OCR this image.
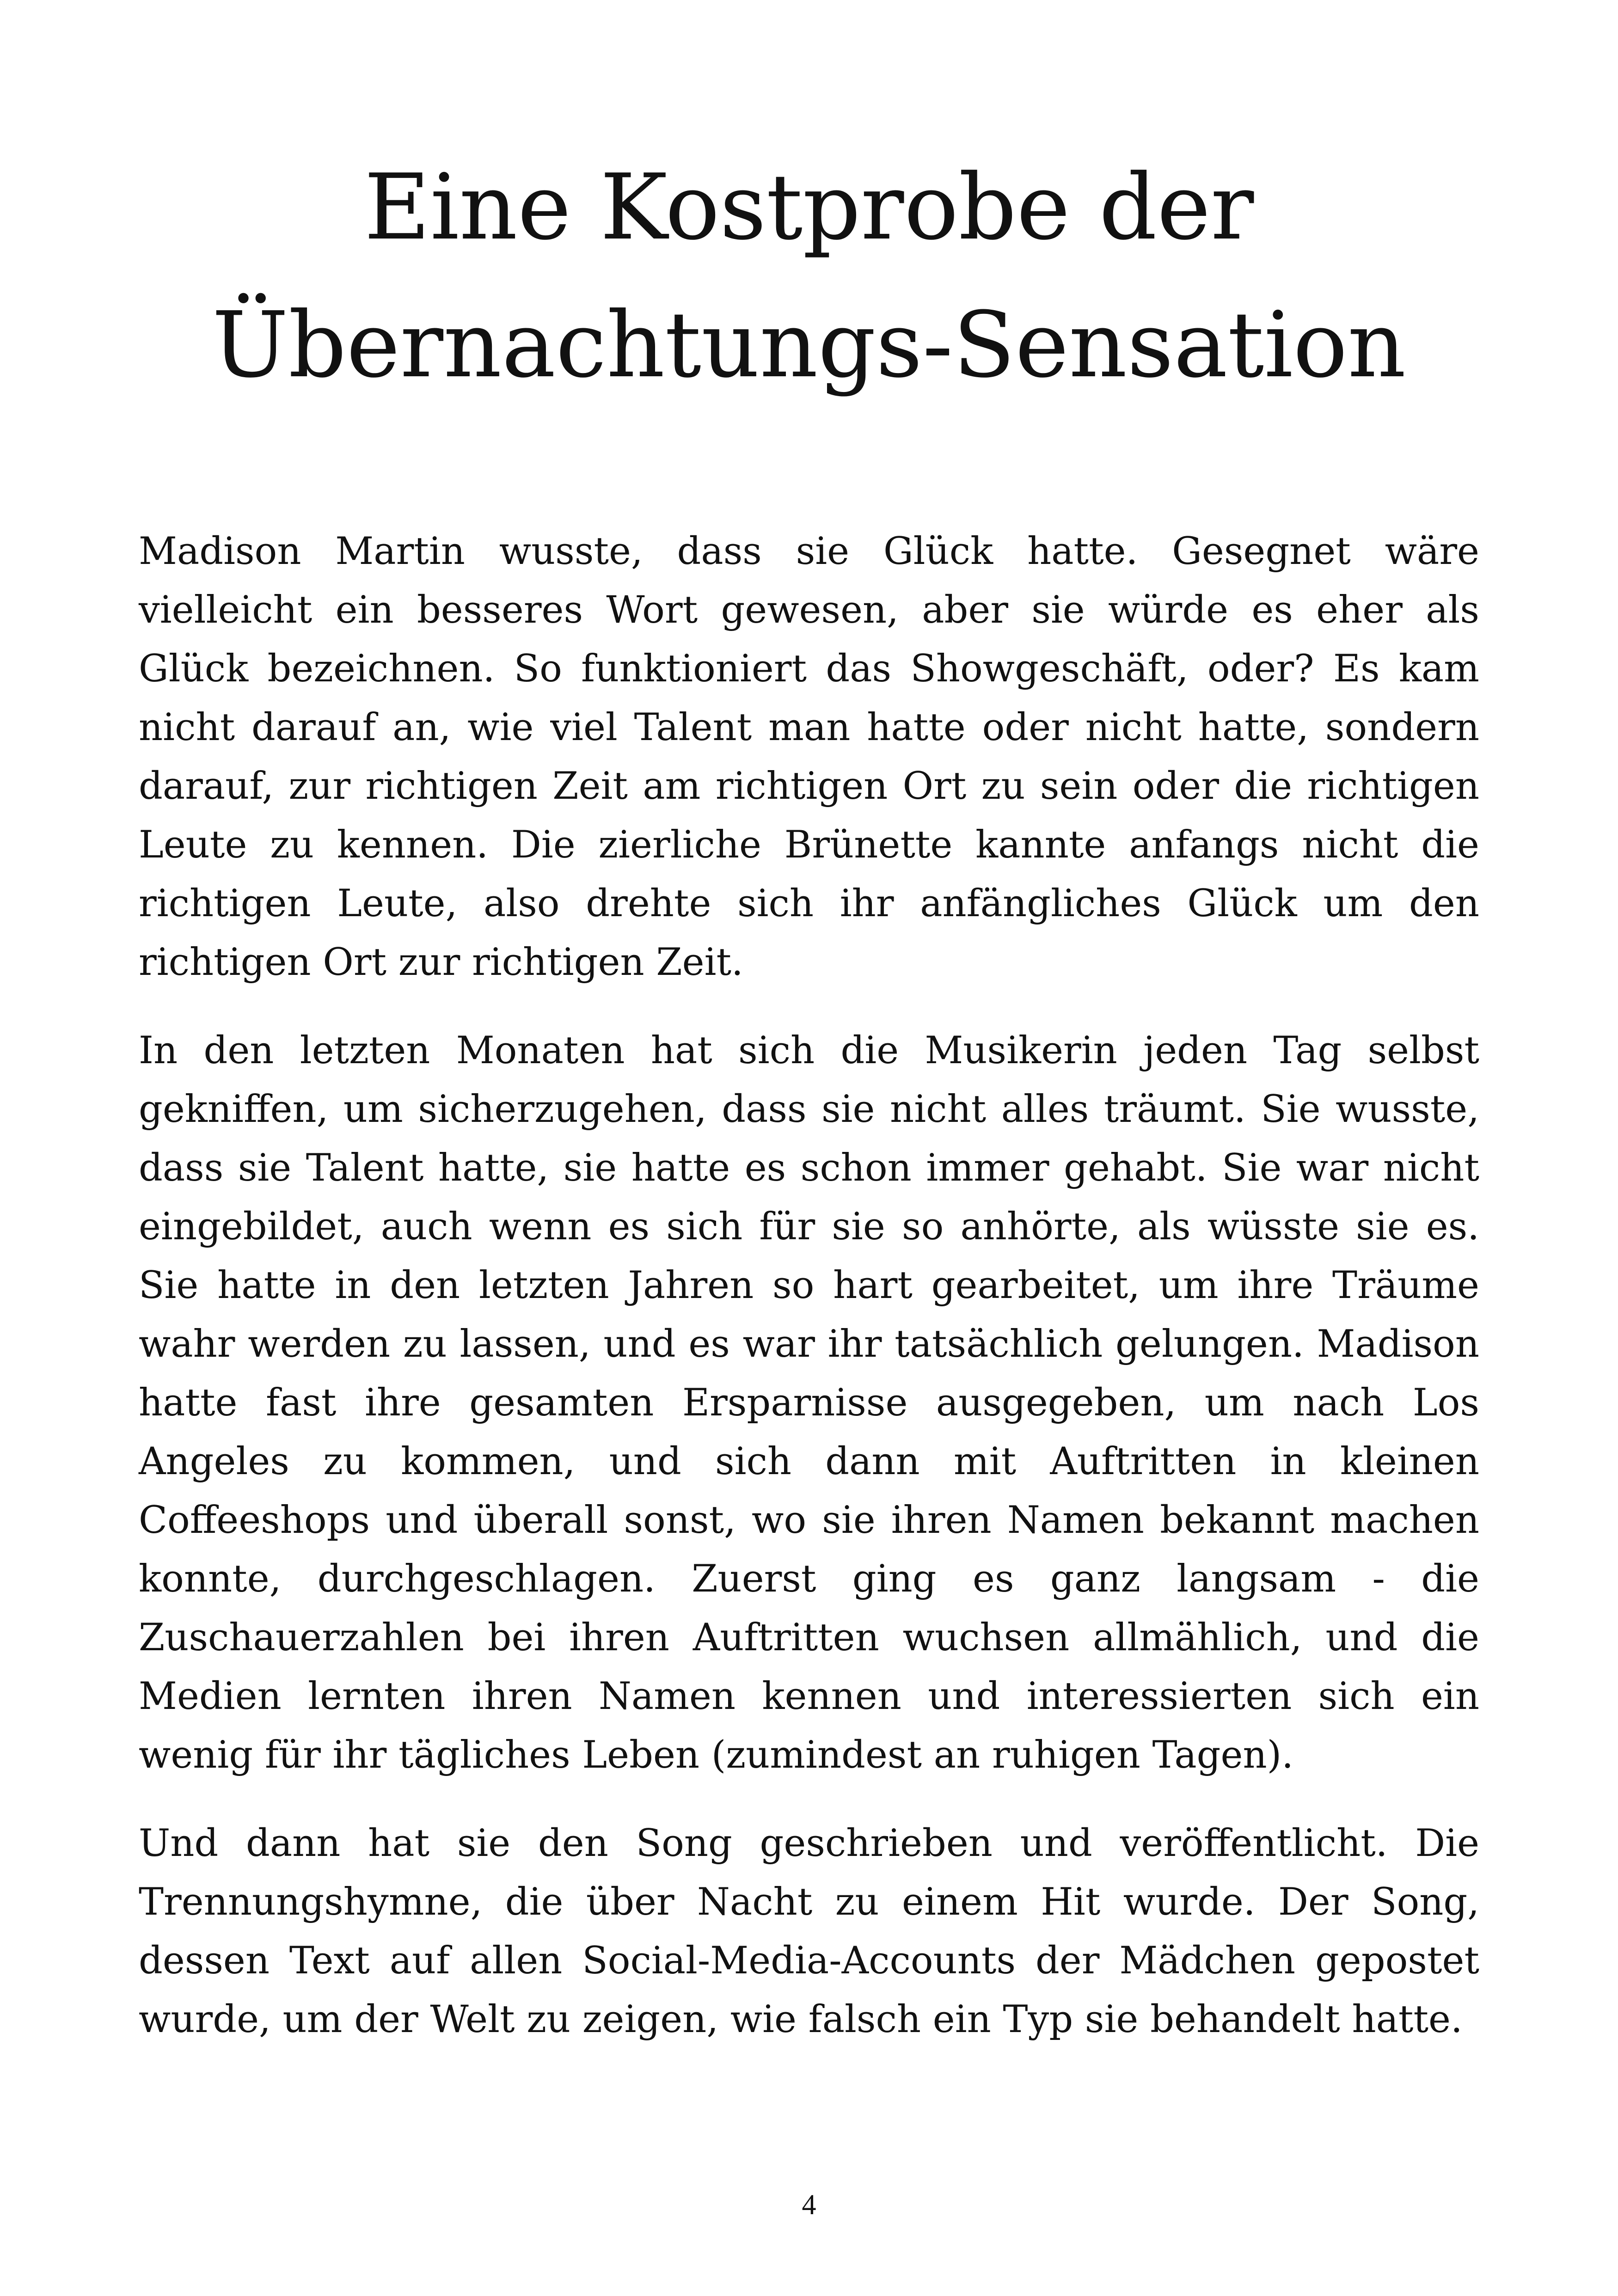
Eine Kostprobe der
Übernachtungs-Sensation

Madison Martin wusste, dass sie Glück hatte. Gesegnet wäre vielleicht ein besseres Wort gewesen, aber sie würde es eher als Glück bezeichnen. So funktioniert das Showgeschäft, oder? Es kam nicht darauf an, wie viel Talent man hatte oder nicht hatte, sondern darauf, zur richtigen Zeit am richtigen Ort zu sein oder die richtigen Leute zu kennen. Die zierliche Brünette kannte anfangs nicht die richtigen Leute, also drehte sich ihr anfängliches Glück um den richtigen Ort zur richtigen Zeit.

In den letzten Monaten hat sich die Musikerin jeden Tag selbst gekniffen, um sicherzugehen, dass sie nicht alles träumt. Sie wusste, dass sie Talent hatte, sie hatte es schon immer gehabt. Sie war nicht eingebildet, auch wenn es sich für sie so anhörte, als wüsste sie es. Sie hatte in den letzten Jahren so hart gearbeitet, um ihre Träume wahr werden zu lassen, und es war ihr tatsächlich gelungen. Madison hatte fast ihre gesamten Ersparnisse ausgegeben, um nach Los Angeles zu kommen, und sich dann mit Auftritten in kleinen Coffeeshops und überall sonst, wo sie ihren Namen bekannt machen konnte, durchgeschlagen. Zuerst ging es ganz langsam - die Zuschauerzahlen bei ihren Auftritten wuchsen allmählich, und die Medien lernten ihren Namen kennen und interessierten sich ein wenig für ihr tägliches Leben (zumindest an ruhigen Tagen).

Und dann hat sie den Song geschrieben und veröffentlicht. Die Trennungshymne, die über Nacht zu einem Hit wurde. Der Song, dessen Text auf allen Social-Media-Accounts der Mädchen gepostet wurde, um der Welt zu zeigen, wie falsch ein Typ sie behandelt hatte.

4
